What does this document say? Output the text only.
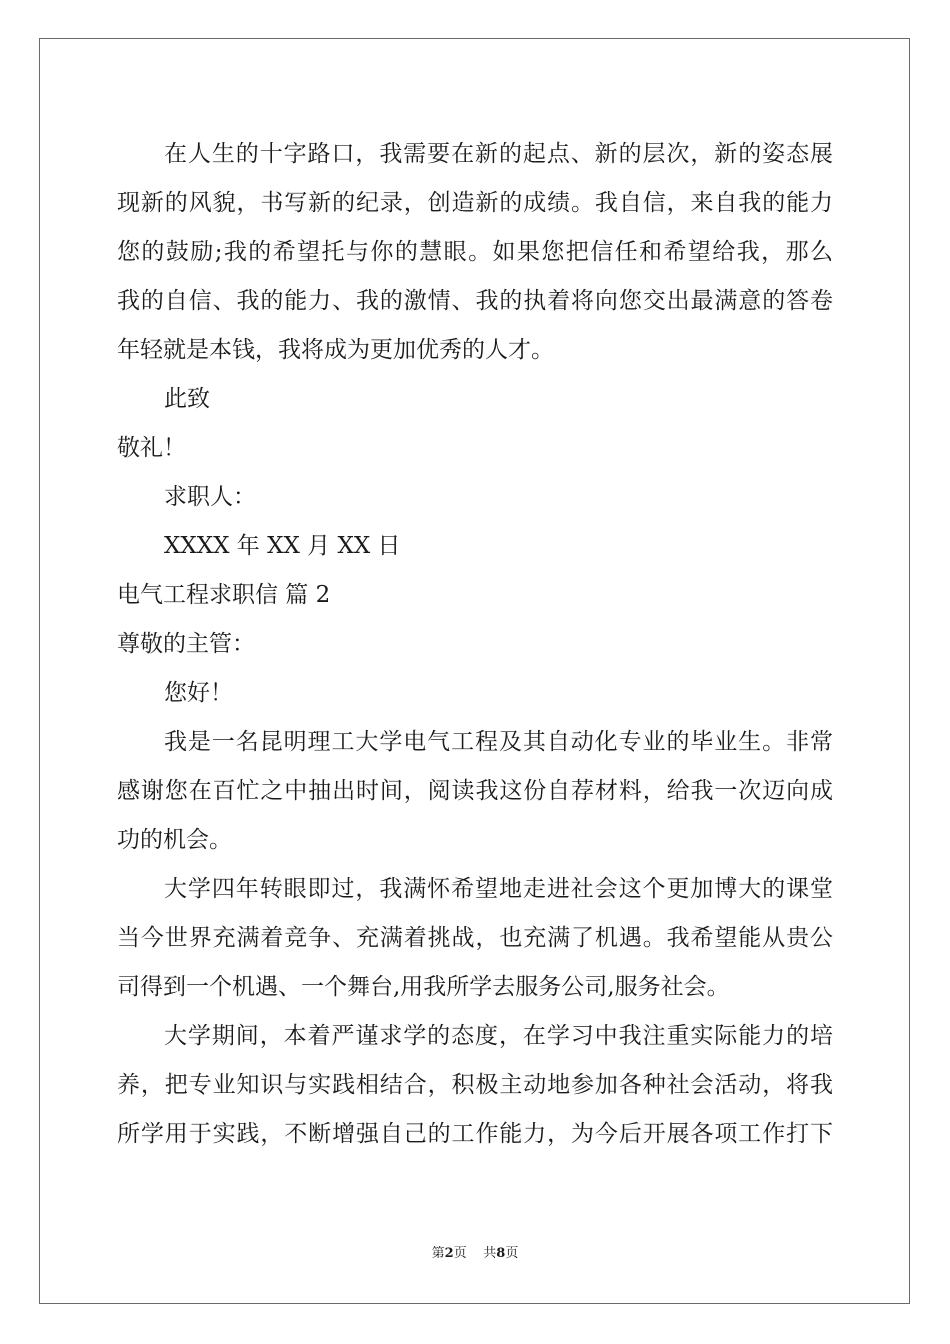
在人生的十字路口，我需要在新的起点、新的层次，新的姿态展
现新的风貌，书写新的纪录，创造新的成绩。我自信，来自我的能力
您的鼓励;我的希望托与你的慧眼。如果您把信任和希望给我，那么
我的自信、我的能力、我的激情、我的执着将向您交出最满意的答卷
年轻就是本钱，我将成为更加优秀的人才。
此致
敬礼！
求职人：
XXXX 年 XX 月 XX 日
电气工程求职信 篇 2
尊敬的主管：
您好！
我是一名昆明理工大学电气工程及其自动化专业的毕业生。非常
感谢您在百忙之中抽出时间，阅读我这份自荐材料，给我一次迈向成
功的机会。
大学四年转眼即过，我满怀希望地走进社会这个更加博大的课堂
当今世界充满着竞争、充满着挑战，也充满了机遇。我希望能从贵公
司得到一个机遇、一个舞台,用我所学去服务公司,服务社会。
大学期间，本着严谨求学的态度，在学习中我注重实际能力的培
养，把专业知识与实践相结合，积极主动地参加各种社会活动，将我
所学用于实践，不断增强自己的工作能力，为今后开展各项工作打下
第2页 共8页
